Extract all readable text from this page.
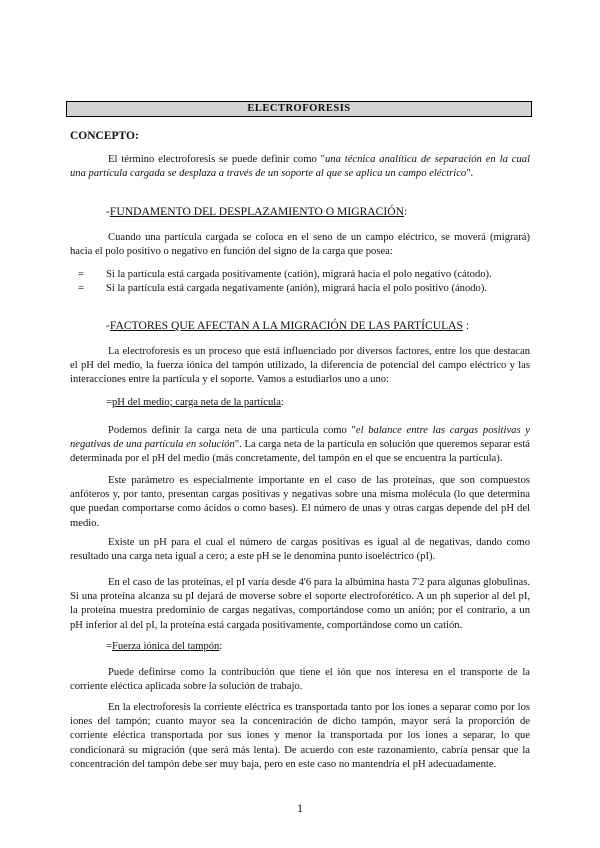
ELECTROFORESIS
CONCEPTO:

El término electroforesis se puede definir como "una técnica analítica de separación en la cual una partícula cargada se desplaza a través de un soporte al que se aplica un campo eléctrico".

-FUNDAMENTO DEL DESPLAZAMIENTO O MIGRACIÓN:

Cuando una partícula cargada se coloca en el seno de un campo eléctrico, se moverá (migrará) hacia el polo positivo o negativo en función del signo de la carga que posea:

= Si la partícula está cargada positivamente (catión), migrará hacia el polo negativo (cátodo).
= Si la partícula está cargada negativamente (anión), migrará hacia el polo positivo (ánodo).
-FACTORES QUE AFECTAN A LA MIGRACIÓN DE LAS PARTÍCULAS :

La electroforesis es un proceso que está influenciado por diversos factores, entre los que destacan el pH del medio, la fuerza iónica del tampón utilizado, la diferencia de potencial del campo eléctrico y las interacciones entre la partícula y el soporte. Vamos a estudiarlos uno a uno:

=pH del medio; carga neta de la partícula:

Podemos definir la carga neta de una partícula como "el balance entre las cargas positivas y negativas de una partícula en solución". La carga neta de la partícula en solución que queremos separar está determinada por el pH del medio (más concretamente, del tampón en el que se encuentra la partícula).

Este parámetro es especialmente importante en el caso de las proteínas, que son compuestos anfóteros y, por tanto, presentan cargas positivas y negativas sobre una misma molécula (lo que determina que puedan comportarse como ácidos o como bases). El número de unas y otras cargas depende del pH del medio.

Existe un pH para el cual el número de cargas positivas es igual al de negativas, dando como resultado una carga neta igual a cero; a este pH se le denomina punto isoeléctrico (pI).

En el caso de las proteínas, el pI varía desde 4'6 para la albúmina hasta 7'2 para algunas globulinas. Si una proteína alcanza su pI dejará de moverse sobre el soporte electroforético. A un ph superior al del pI, la proteína muestra predominio de cargas negativas, comportándose como un anión; por el contrario, a un pH inferior al del pI, la proteína está cargada positivamente, comportándose como un catión.

=Fuerza iónica del tampón:

Puede definirse como la contribución que tiene el ión que nos interesa en el transporte de la corriente eléctica aplicada sobre la solución de trabajo.

En la electroforesis la corriente eléctrica es transportada tanto por los iones a separar como por los iones del tampón; cuanto mayor sea la concentración de dicho tampón, mayor será la proporción de corriente eléctica transportada por sus iones y menor la transportada por los iones a separar, lo que condicionará su migración (que será más lenta). De acuerdo con este razonamiento, cabría pensar que la concentración del tampón debe ser muy baja, pero en este caso no mantendría el pH adecuadamente.

1
